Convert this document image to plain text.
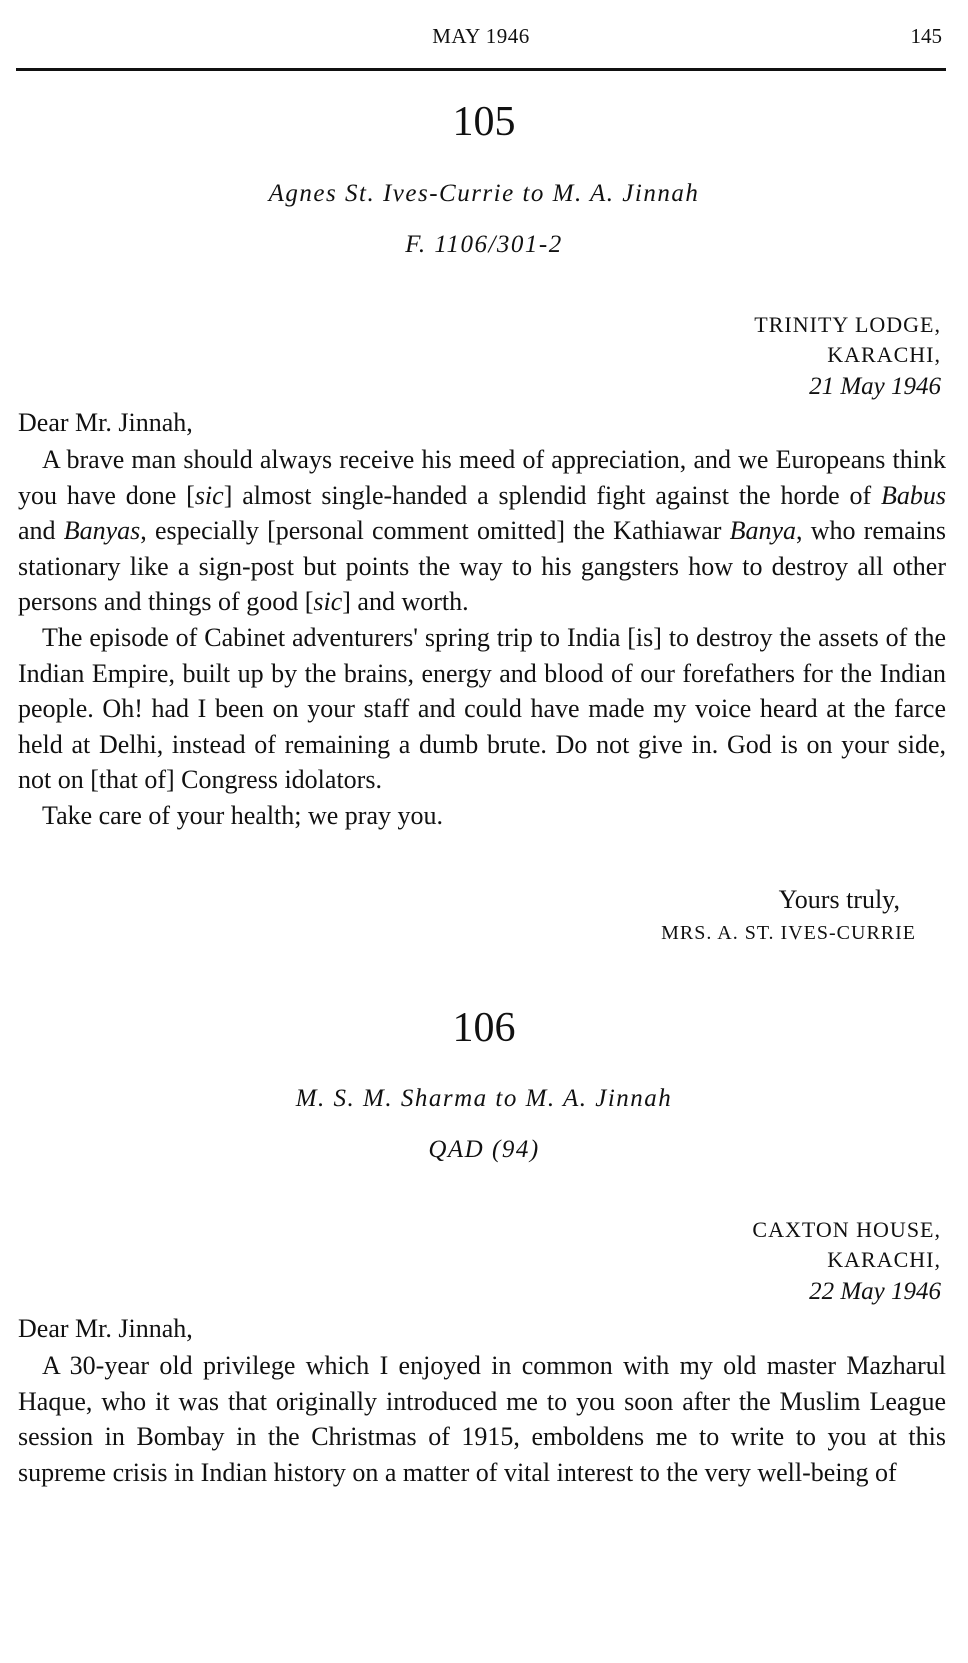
MAY 1946	145
105
Agnes St. Ives-Currie to M. A. Jinnah
F. 1106/301-2
TRINITY LODGE,
KARACHI,
21 May 1946
Dear Mr. Jinnah,

A brave man should always receive his meed of appreciation, and we Europeans think you have done [sic] almost single-handed a splendid fight against the horde of Babus and Banyas, especially [personal comment omitted] the Kathiawar Banya, who remains stationary like a sign-post but points the way to his gangsters how to destroy all other persons and things of good [sic] and worth.

The episode of Cabinet adventurers' spring trip to India [is] to destroy the assets of the Indian Empire, built up by the brains, energy and blood of our forefathers for the Indian people. Oh! had I been on your staff and could have made my voice heard at the farce held at Delhi, instead of remaining a dumb brute. Do not give in. God is on your side, not on [that of] Congress idolators.

Take care of your health; we pray you.

Yours truly,
MRS. A. ST. IVES-CURRIE
106
M. S. M. Sharma to M. A. Jinnah
QAD (94)
CAXTON HOUSE,
KARACHI,
22 May 1946
Dear Mr. Jinnah,

A 30-year old privilege which I enjoyed in common with my old master Mazharul Haque, who it was that originally introduced me to you soon after the Muslim League session in Bombay in the Christmas of 1915, emboldens me to write to you at this supreme crisis in Indian history on a matter of vital interest to the very well-being of
